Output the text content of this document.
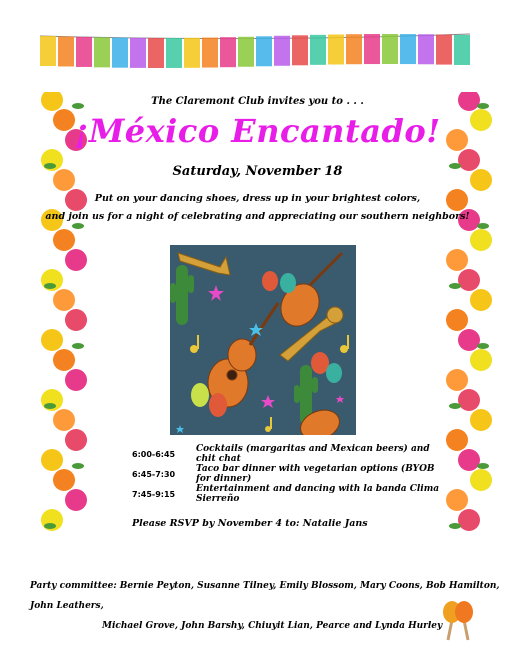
The Claremont Club invites you to . . .
¡México Encantado!
Saturday, November 18
Put on your dancing shoes, dress up in your brightest colors,
and join us for a night of celebrating and appreciating our southern neighbors!
6:00-6:45	Cocktails (margaritas and Mexican beers) and chit chat
6:45-7:30	Taco bar dinner with vegetarian options (BYOB for dinner)
7:45-9:15	Entertainment and dancing with la banda Clima Sierreño
Please RSVP by November 4 to: Natalie Jans
Party committee: Bernie Peyton, Susanne Tilney, Emily Blossom, Mary Coons, Bob Hamilton, John Leathers,
Michael Grove, John Barshy, Chiuyit Lian, Pearce and Lynda Hurley
